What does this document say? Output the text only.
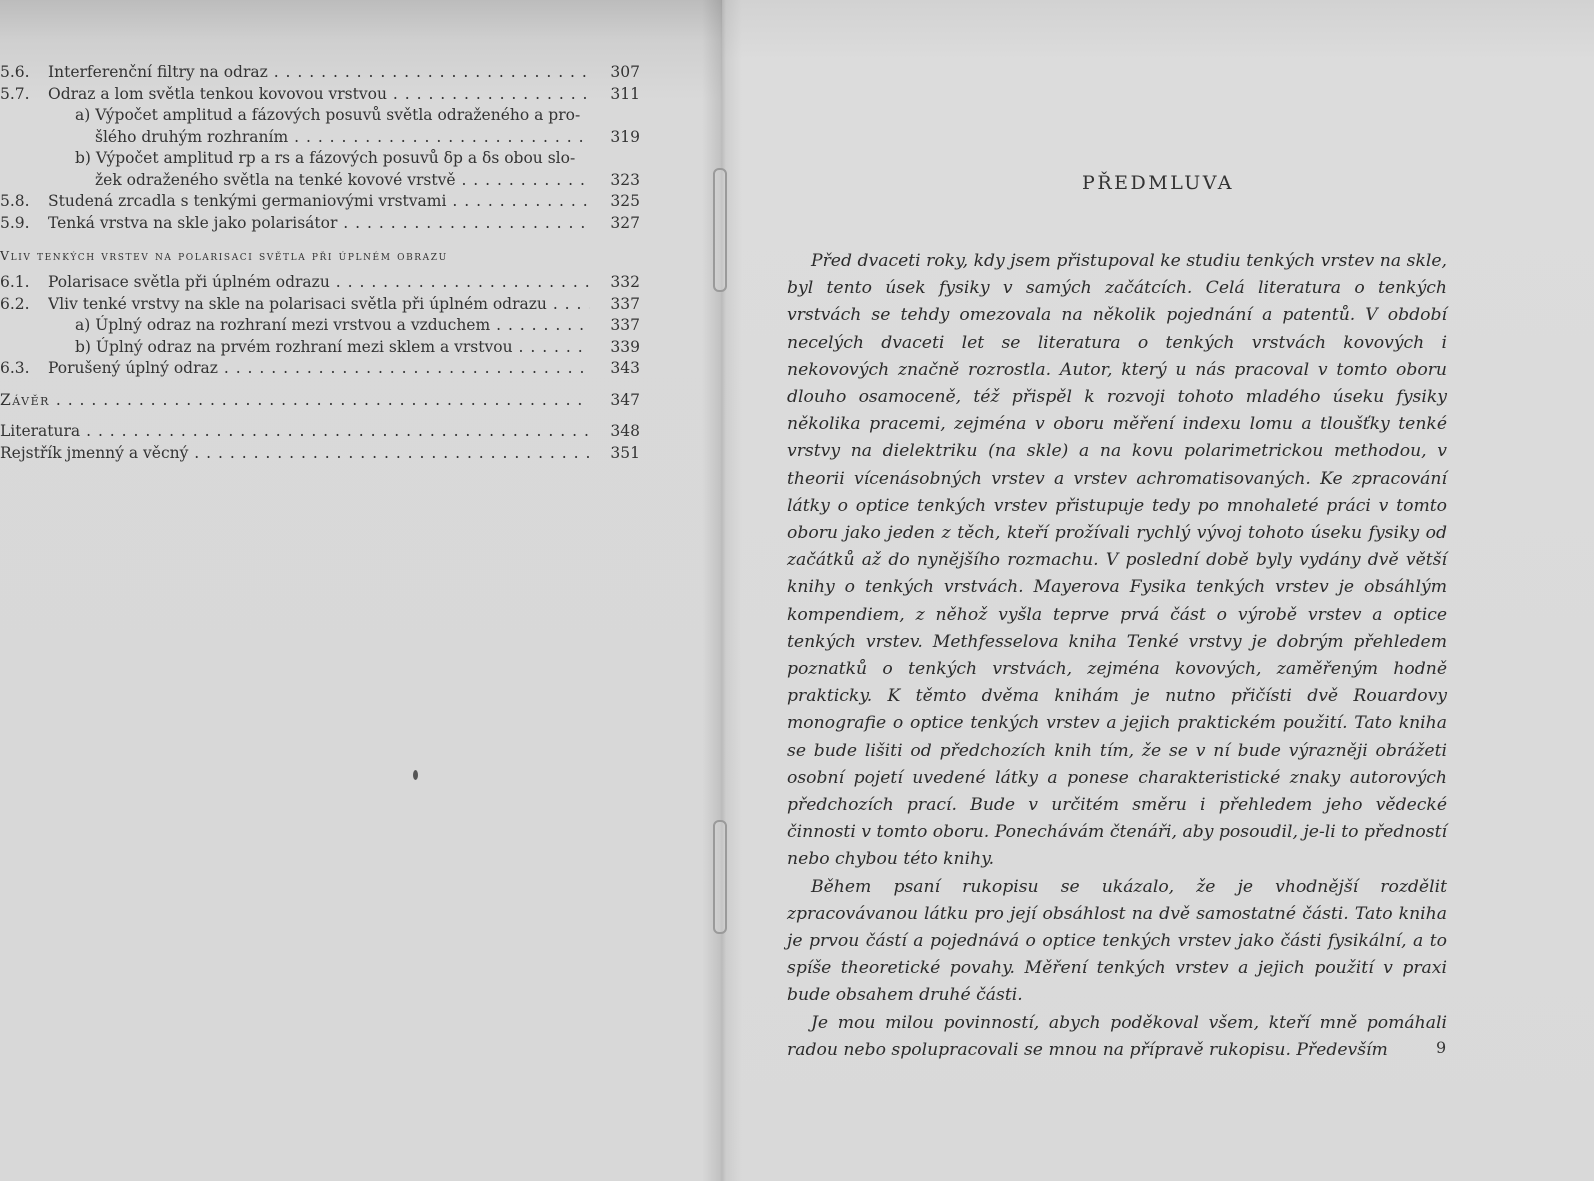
5.6.	Interferenční filtry na odraz . . .	307
5.7.	Odraz a lom světla tenkou kovovou vrstvou . . .	311
a) Výpočet amplitud a fázových posuvů světla odraženého a pro-
šlého druhým rozhraním . . .	319
b) Výpočet amplitud rp a rs a fázových posuvů δp a δs obou slo-
žek odraženého světla na tenké kovové vrstvě . . .	323
5.8.	Studená zrcadla s tenkými germaniovými vrstvami . . .	325
5.9.	Tenká vrstva na skle jako polarisátor . . .	327
Vliv tenkých vrstev na polarisaci světla při úplném obrazu
6.1.	Polarisace světla při úplném odrazu . . .	332
6.2.	Vliv tenké vrstvy na skle na polarisaci světla při úplném odrazu . . .	337
a) Úplný odraz na rozhraní mezi vrstvou a vzduchem . . .	337
b) Úplný odraz na prvém rozhraní mezi sklem a vrstvou . . .	339
6.3.	Porušený úplný odraz . . .	343
Závěr . . .	347
Literatura . . .	348
Rejstřík jmenný a věcný . . .	351
PŘEDMLUVA

Před dvaceti roky, kdy jsem přistupoval ke studiu tenkých vrstev na skle, byl tento úsek fysiky v samých začátcích. Celá literatura o tenkých vrstvách se tehdy omezovala na několik pojednání a patentů. V období necelých dvaceti let se literatura o tenkých vrstvách kovových i nekovových značně rozrostla. Autor, který u nás pracoval v tomto oboru dlouho osamoceně, též přispěl k rozvoji tohoto mladého úseku fysiky několika pracemi, zejména v oboru měření indexu lomu a tloušťky tenké vrstvy na dielektriku (na skle) a na kovu polarimetrickou methodou, v theorii vícenásobných vrstev a vrstev achromatisovaných. Ke zpracování látky o optice tenkých vrstev přistupuje tedy po mnohaleté práci v tomto oboru jako jeden z těch, kteří prožívali rychlý vývoj tohoto úseku fysiky od začátků až do nynějšího rozmachu. V poslední době byly vydány dvě větší knihy o tenkých vrstvách. Mayerova Fysika tenkých vrstev je obsáhlým kompendiem, z něhož vyšla teprve prvá část o výrobě vrstev a optice tenkých vrstev. Methfesselova kniha Tenké vrstvy je dobrým přehledem poznatků o tenkých vrstvách, zejména kovových, zaměřeným hodně prakticky. K těmto dvěma knihám je nutno přičísti dvě Rouardovy monografie o optice tenkých vrstev a jejich praktickém použití. Tato kniha se bude lišiti od předchozích knih tím, že se v ní bude výrazněji obrážeti osobní pojetí uvedené látky a ponese charakteristické znaky autorových předchozích prací. Bude v určitém směru i přehledem jeho vědecké činnosti v tomto oboru. Ponechávám čtenáři, aby posoudil, je-li to předností nebo chybou této knihy.

Během psaní rukopisu se ukázalo, že je vhodnější rozdělit zpracovávanou látku pro její obsáhlost na dvě samostatné části. Tato kniha je prvou částí a pojednává o optice tenkých vrstev jako části fysikální, a to spíše theoretické povahy. Měření tenkých vrstev a jejich použití v praxi bude obsahem druhé části.

Je mou milou povinností, abych poděkoval všem, kteří mně pomáhali radou nebo spolupracovali se mnou na přípravě rukopisu. Především	9
